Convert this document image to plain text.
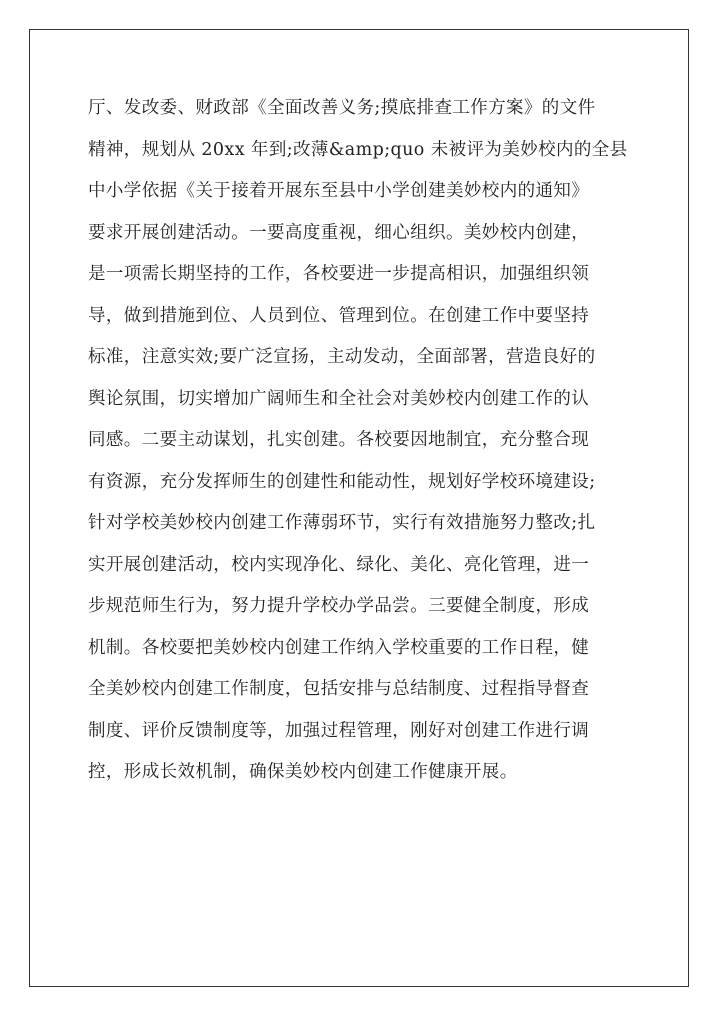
厅、发改委、财政部《全面改善义务;摸底排查工作方案》的文件
精神，规划从 20xx 年到;改薄&amp;quo 未被评为美妙校内的全县
中小学依据《关于接着开展东至县中小学创建美妙校内的通知》
要求开展创建活动。一要高度重视，细心组织。美妙校内创建，
是一项需长期坚持的工作，各校要进一步提高相识，加强组织领
导，做到措施到位、人员到位、管理到位。在创建工作中要坚持
标准，注意实效;要广泛宣扬，主动发动，全面部署，营造良好的
舆论氛围，切实增加广阔师生和全社会对美妙校内创建工作的认
同感。二要主动谋划，扎实创建。各校要因地制宜，充分整合现
有资源，充分发挥师生的创建性和能动性，规划好学校环境建设;
针对学校美妙校内创建工作薄弱环节，实行有效措施努力整改;扎
实开展创建活动，校内实现净化、绿化、美化、亮化管理，进一
步规范师生行为，努力提升学校办学品尝。三要健全制度，形成
机制。各校要把美妙校内创建工作纳入学校重要的工作日程，健
全美妙校内创建工作制度，包括安排与总结制度、过程指导督查
制度、评价反馈制度等，加强过程管理，刚好对创建工作进行调
控，形成长效机制，确保美妙校内创建工作健康开展。
